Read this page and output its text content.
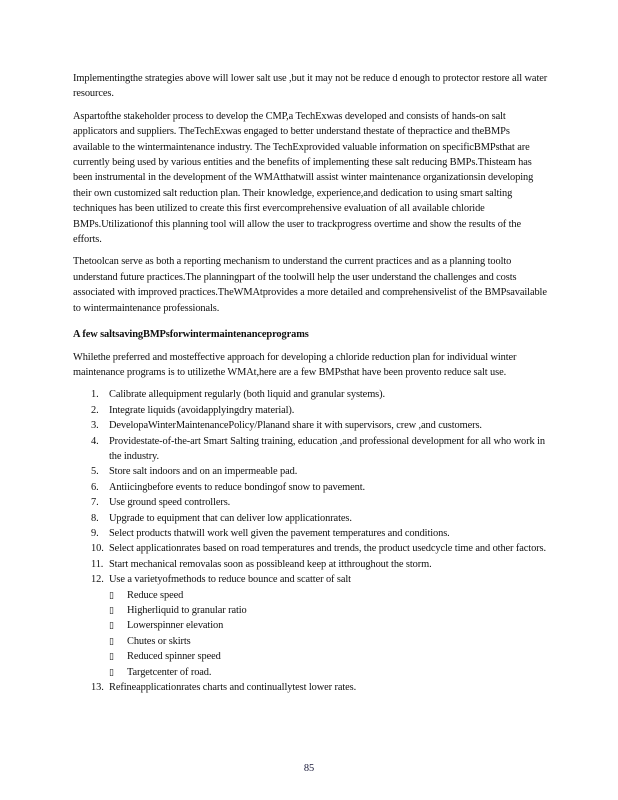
Implementingthe strategies above will lower salt use ,but it may not be reduce d enough to protector restore all water resources.

Aspartofthe stakeholder process to develop the CMP,a TechExwas developed and consists of hands-on salt applicators and suppliers. TheTechExwas engaged to better understand thestate of thepractice and theBMPs available to the wintermaintenance industry. The TechExprovided valuable information on specificBMPsthat are currently being used by various entities and the benefits of implementing these salt reducing BMPs.Thisteam has been instrumental in the development of the WMAtthatwill assist winter maintenance organizationsin developing their own customized salt reduction plan. Their knowledge, experience,and dedication to using smart salting techniques has been utilized to create this first evercomprehensive evaluation of all available chloride BMPs.Utilizationof this planning tool will allow the user to trackprogress overtime and show the results of the efforts.

Thetoolcan serve as both a reporting mechanism to understand the current practices and as a planning toolto understand future practices.The planningpart of the toolwill help the user understand the challenges and costs associated with improved practices.TheWMAtprovides a more detailed and comprehensivelist of the BMPsavailable to wintermaintenance professionals.

A few saltsavingBMPsforwintermaintenanceprograms

Whilethe preferred and mosteffective approach for developing a chloride reduction plan for individual winter maintenance programs is to utilizethe WMAt,here are a few BMPsthat have been provento reduce salt use.

1. Calibrate allequipment regularly (both liquid and granular systems).
2. Integrate liquids (avoidapplyingdry material).
3. DevelopaWinterMaintenancePolicy/Planand share it with supervisors, crew ,and customers.
4. Providestate-of-the-art Smart Salting training, education ,and professional development for all who work in the industry.
5. Store salt indoors and on an impermeable pad.
6. Antiicingbefore events to reduce bondingof snow to pavement.
7. Use ground speed controllers.
8. Upgrade to equipment that can deliver low applicationrates.
9. Select products thatwill work well given the pavement temperatures and conditions.
10. Select applicationrates based on road temperatures and trends, the product usedcycle time and other factors.
11. Start mechanical removalas soon as possibleand keep at itthroughout the storm.
12. Use a varietyofmethods to reduce bounce and scatter of salt
▯ Reduce speed
▯ Higherliquid to granular ratio
▯ Lowerspinner elevation
▯ Chutes or skirts
▯ Reduced spinner speed
▯ Targetcenter of road.
13. Refineapplicationrates charts and continuallytest lower rates.
85
